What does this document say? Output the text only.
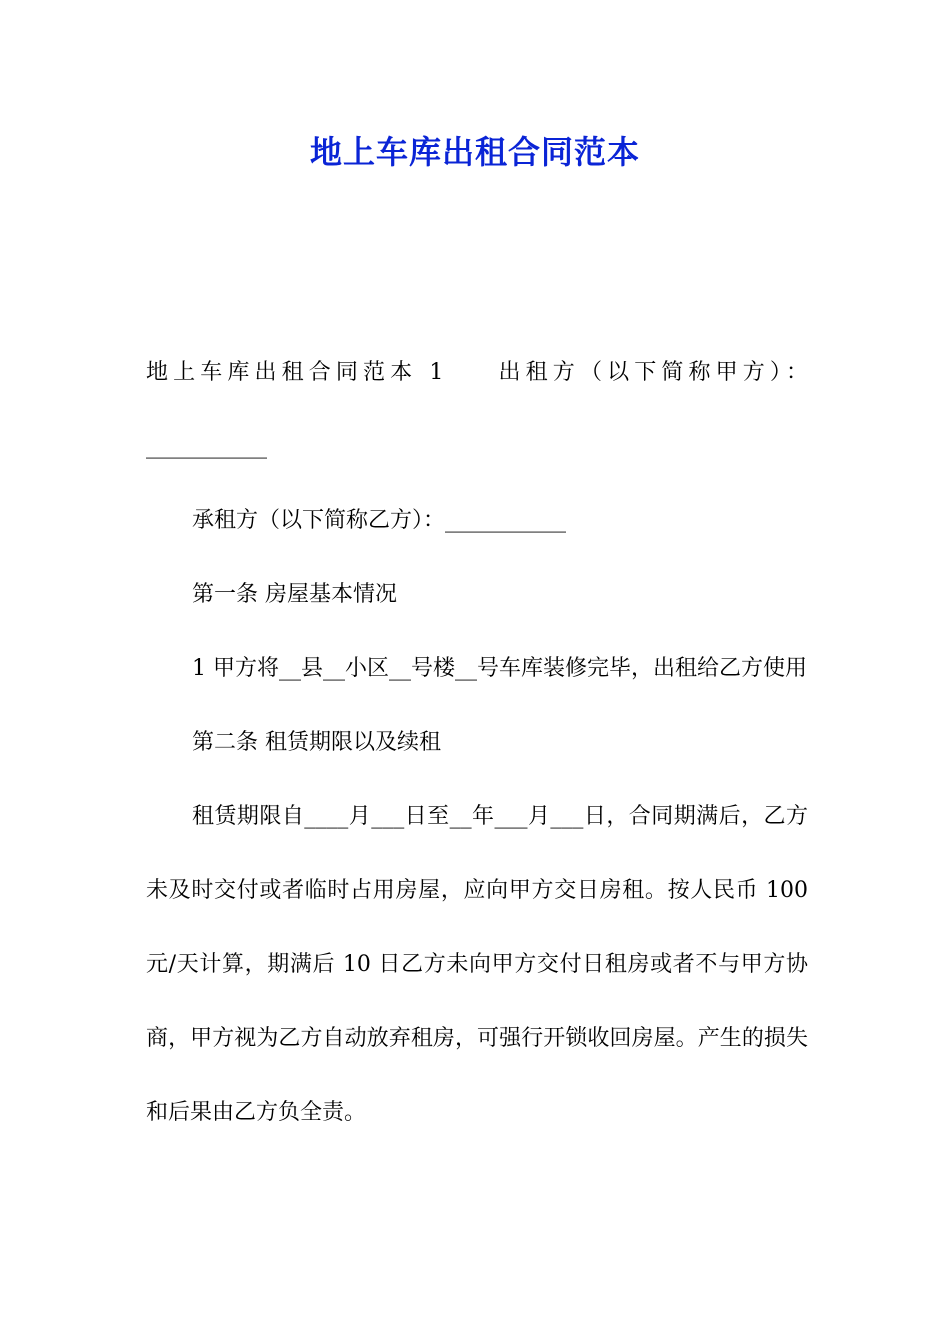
地上车库出租合同范本

地上车库出租合同范本 1 出租方（以下简称甲方）：___________

承租方（以下简称乙方）：___________

第一条 房屋基本情况

1 甲方将__县__小区__号楼__号车库装修完毕，出租给乙方使用

第二条 租赁期限以及续租

租赁期限自____月___日至__年___月___日，合同期满后，乙方未及时交付或者临时占用房屋，应向甲方交日房租。按人民币 100 元/天计算，期满后 10 日乙方未向甲方交付日租房或者不与甲方协商，甲方视为乙方自动放弃租房，可强行开锁收回房屋。产生的损失和后果由乙方负全责。
